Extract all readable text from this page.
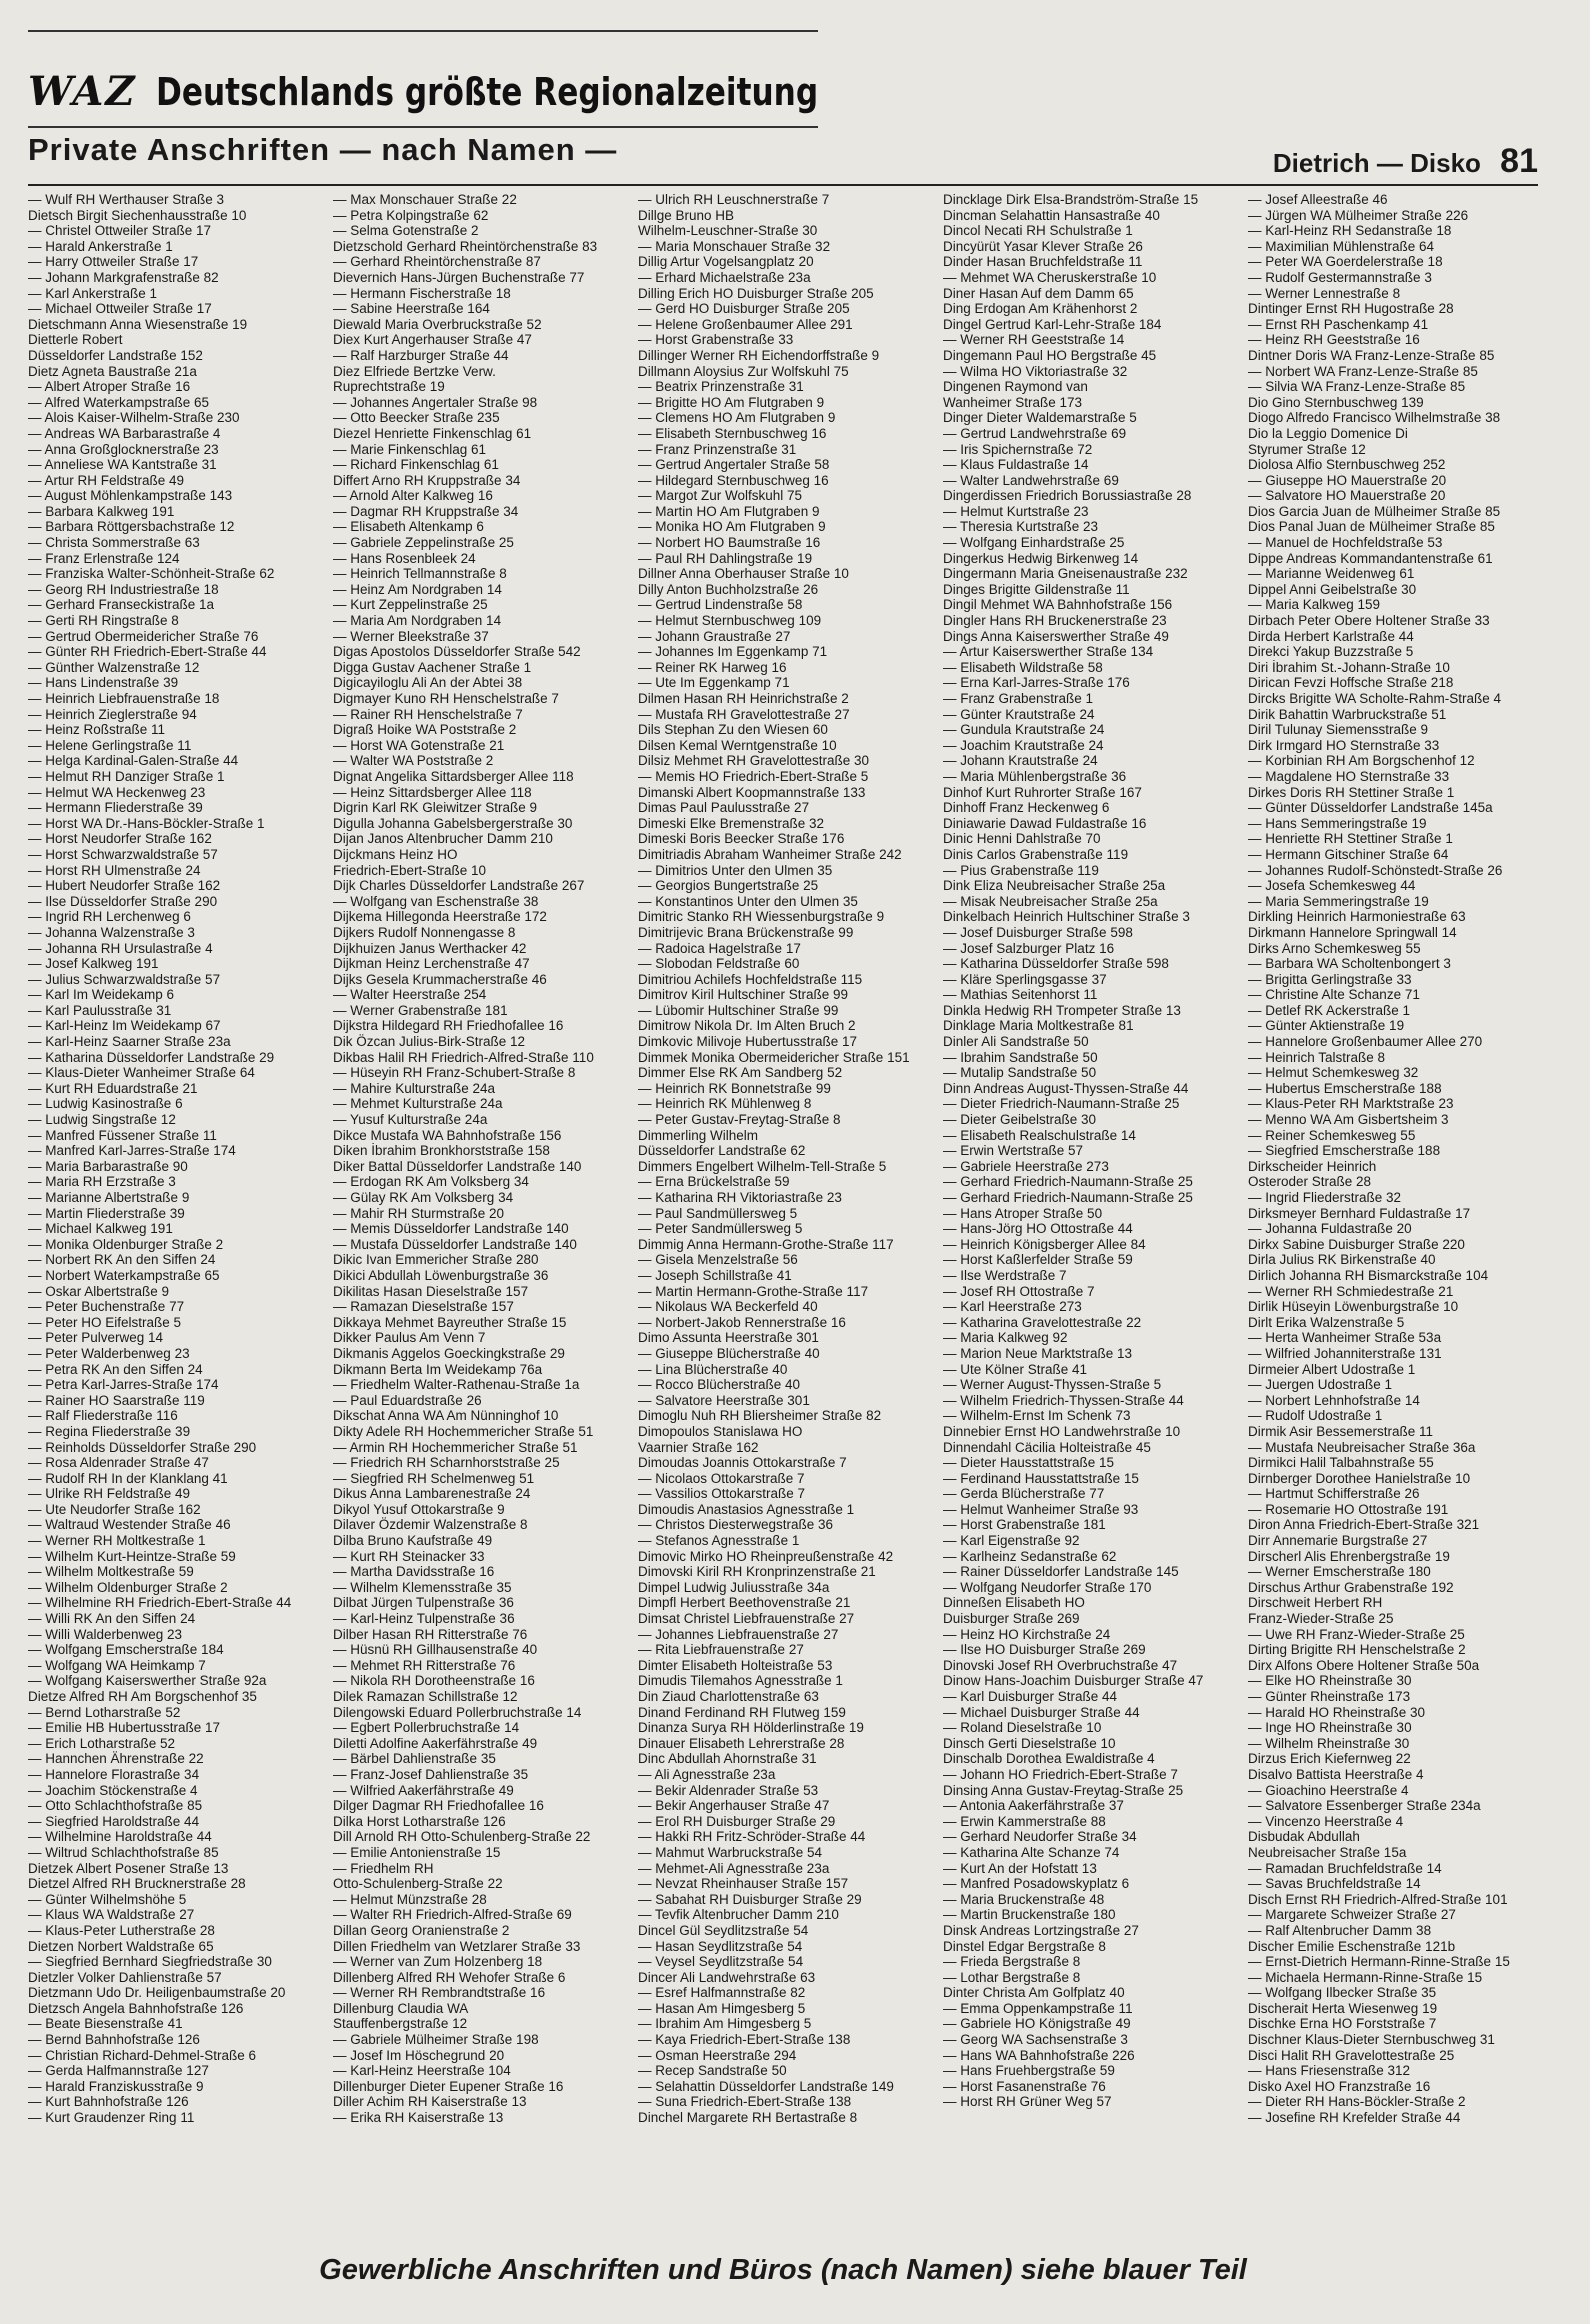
WAZ Deutschlands größte Regionalzeitung
Private Anschriften — nach Namen —	Dietrich — Disko 81
— Wulf RH Werthauser Straße 3
Dietsch Birgit Siechenhausstraße 10
— Christel Ottweiler Straße 17
— Harald Ankerstraße 1
— Harry Ottweiler Straße 17
— Johann Markgrafenstraße 82
— Karl Ankerstraße 1
— Michael Ottweiler Straße 17
Dietschmann Anna Wiesenstraße 19
Dietterle Robert
Düsseldorfer Landstraße 152
Dietz Agneta Baustraße 21a
— Albert Atroper Straße 16
— Alfred Waterkampstraße 65
— Alois Kaiser-Wilhelm-Straße 230
— Andreas WA Barbarastraße 4
— Anna Großglocknerstraße 23
— Anneliese WA Kantstraße 31
— Artur RH Feldstraße 49
— August Möhlenkampstraße 143
— Barbara Kalkweg 191
— Barbara Röttgersbachstraße 12
— Christa Sommerstraße 63
— Franz Erlenstraße 124
— Franziska Walter-Schönheit-Straße 62
— Georg RH Industriestraße 18
— Gerhard Franseckistraße 1a
— Gerti RH Ringstraße 8
— Gertrud Obermeidericher Straße 76
— Günter RH Friedrich-Ebert-Straße 44
— Günther Walzenstraße 12
— Hans Lindenstraße 39
— Heinrich Liebfrauenstraße 18
— Heinrich Zieglerstraße 94
— Heinz Roßstraße 11
— Helene Gerlingstraße 11
— Helga Kardinal-Galen-Straße 44
— Helmut RH Danziger Straße 1
— Helmut WA Heckenweg 23
— Hermann Fliederstraße 39
— Horst WA Dr.-Hans-Böckler-Straße 1
— Horst Neudorfer Straße 162
— Horst Schwarzwaldstraße 57
— Horst RH Ulmenstraße 24
— Hubert Neudorfer Straße 162
— Ilse Düsseldorfer Straße 290
— Ingrid RH Lerchenweg 6
— Johanna Walzenstraße 3
— Johanna RH Ursulastraße 4
— Josef Kalkweg 191
— Julius Schwarzwaldstraße 57
— Karl Im Weidekamp 6
— Karl Paulusstraße 31
— Karl-Heinz Im Weidekamp 67
— Karl-Heinz Saarner Straße 23a
— Katharina Düsseldorfer Landstraße 29
— Klaus-Dieter Wanheimer Straße 64
— Kurt RH Eduardstraße 21
— Ludwig Kasinostraße 6
— Ludwig Singstraße 12
— Manfred Füssener Straße 11
— Manfred Karl-Jarres-Straße 174
— Maria Barbarastraße 90
— Maria RH Erzstraße 3
— Marianne Albertstraße 9
— Martin Fliederstraße 39
— Michael Kalkweg 191
— Monika Oldenburger Straße 2
— Norbert RK An den Siffen 24
— Norbert Waterkampstraße 65
— Oskar Albertstraße 9
— Peter Buchenstraße 77
— Peter HO Eifelstraße 5
— Peter Pulverweg 14
— Peter Walderbenweg 23
— Petra RK An den Siffen 24
— Petra Karl-Jarres-Straße 174
— Rainer HO Saarstraße 119
— Ralf Fliederstraße 116
— Regina Fliederstraße 39
— Reinholds Düsseldorfer Straße 290
— Rosa Aldenrader Straße 47
— Rudolf RH In der Klanklang 41
— Ulrike RH Feldstraße 49
— Ute Neudorfer Straße 162
— Waltraud Westender Straße 46
— Werner RH Moltkestraße 1
— Wilhelm Kurt-Heintze-Straße 59
— Wilhelm Moltkestraße 59
— Wilhelm Oldenburger Straße 2
— Wilhelmine RH Friedrich-Ebert-Straße 44
— Willi RK An den Siffen 24
— Willi Walderbenweg 23
— Wolfgang Emscherstraße 184
— Wolfgang WA Heimkamp 7
— Wolfgang Kaiserswerther Straße 92a
Dietze Alfred RH Am Borgschenhof 35
— Bernd Lotharstraße 52
— Emilie HB Hubertusstraße 17
— Erich Lotharstraße 52
— Hannchen Ährenstraße 22
— Hannelore Florastraße 34
— Joachim Stöckenstraße 4
— Otto Schlachthofstraße 85
— Siegfried Haroldstraße 44
— Wilhelmine Haroldstraße 44
— Wiltrud Schlachthofstraße 85
Dietzek Albert Posener Straße 13
Dietzel Alfred RH Brucknerstraße 28
— Günter Wilhelmshöhe 5
— Klaus WA Waldstraße 27
— Klaus-Peter Lutherstraße 28
Dietzen Norbert Waldstraße 65
— Siegfried Bernhard Siegfriedstraße 30
Dietzler Volker Dahlienstraße 57
Dietzmann Udo Dr. Heiligenbaumstraße 20
Dietzsch Angela Bahnhofstraße 126
— Beate Biesenstraße 41
— Bernd Bahnhofstraße 126
— Christian Richard-Dehmel-Straße 6
— Gerda Halfmannstraße 127
— Harald Franziskusstraße 9
— Kurt Bahnhofstraße 126
— Kurt Graudenzer Ring 11
— Max Monschauer Straße 22
— Petra Kolpingstraße 62
— Selma Gotenstraße 2
Dietzschold Gerhard Rheintörchenstraße 83
— Gerhard Rheintörchenstraße 87
Dievernich Hans-Jürgen Buchenstraße 77
— Hermann Fischerstraße 18
— Sabine Heerstraße 164
Diewald Maria Overbruckstraße 52
Diex Kurt Angerhauser Straße 47
— Ralf Harzburger Straße 44
Diez Elfriede Bertzke Verw.
Ruprechtstraße 19
— Johannes Angertaler Straße 98
— Otto Beecker Straße 235
Diezel Henriette Finkenschlag 61
— Marie Finkenschlag 61
— Richard Finkenschlag 61
Differt Arno RH Kruppstraße 34
— Arnold Alter Kalkweg 16
— Dagmar RH Kruppstraße 34
— Elisabeth Altenkamp 6
— Gabriele Zeppelinstraße 25
— Hans Rosenbleek 24
— Heinrich Tellmannstraße 8
— Heinz Am Nordgraben 14
— Kurt Zeppelinstraße 25
— Maria Am Nordgraben 14
— Werner Bleekstraße 37
Digas Apostolos Düsseldorfer Straße 542
Digga Gustav Aachener Straße 1
Digicayiloglu Ali An der Abtei 38
Digmayer Kuno RH Henschelstraße 7
— Rainer RH Henschelstraße 7
Digraß Hoike WA Poststraße 2
— Horst WA Gotenstraße 21
— Walter WA Poststraße 2
Dignat Angelika Sittardsberger Allee 118
— Heinz Sittardsberger Allee 118
Digrin Karl RK Gleiwitzer Straße 9
Digulla Johanna Gabelsbergerstraße 30
Dijan Janos Altenbrucher Damm 210
Dijckmans Heinz HO
Friedrich-Ebert-Straße 10
Dijk Charles Düsseldorfer Landstraße 267
— Wolfgang van Eschenstraße 38
Dijkema Hillegonda Heerstraße 172
Dijkers Rudolf Nonnengasse 8
Dijkhuizen Janus Werthacker 42
Dijkman Heinz Lerchenstraße 47
Dijks Gesela Krummacherstraße 46
— Walter Heerstraße 254
— Werner Grabenstraße 181
Dijkstra Hildegard RH Friedhofallee 16
Dik Özcan Julius-Birk-Straße 12
Dikbas Halil RH Friedrich-Alfred-Straße 110
— Hüseyin RH Franz-Schubert-Straße 8
— Mahire Kulturstraße 24a
— Mehmet Kulturstraße 24a
— Yusuf Kulturstraße 24a
Dikce Mustafa WA Bahnhofstraße 156
Diken İbrahim Bronkhorststraße 158
Diker Battal Düsseldorfer Landstraße 140
— Erdogan RK Am Volksberg 34
— Gülay RK Am Volksberg 34
— Mahir RH Sturmstraße 20
— Memis Düsseldorfer Landstraße 140
— Mustafa Düsseldorfer Landstraße 140
Dikic Ivan Emmericher Straße 280
Dikici Abdullah Löwenburgstraße 36
Dikilitas Hasan Dieselstraße 157
— Ramazan Dieselstraße 157
Dikkaya Mehmet Bayreuther Straße 15
Dikker Paulus Am Venn 7
Dikmanis Aggelos Goeckingkstraße 29
Dikmann Berta Im Weidekamp 76a
— Friedhelm Walter-Rathenau-Straße 1a
— Paul Eduardstraße 26
Dikschat Anna WA Am Nünninghof 10
Dikty Adele RH Hochemmericher Straße 51
— Armin RH Hochemmericher Straße 51
— Friedrich RH Scharnhorststraße 25
— Siegfried RH Schelmenweg 51
Dikus Anna Lambarenestraße 24
Dikyol Yusuf Ottokarstraße 9
Dilaver Özdemir Walzenstraße 8
Dilba Bruno Kaufstraße 49
— Kurt RH Steinacker 33
— Martha Davidsstraße 16
— Wilhelm Klemensstraße 35
Dilbat Jürgen Tulpenstraße 36
— Karl-Heinz Tulpenstraße 36
Dilber Hasan RH Ritterstraße 76
— Hüsnü RH Gillhausenstraße 40
— Mehmet RH Ritterstraße 76
— Nikola RH Dorotheenstraße 16
Dilek Ramazan Schillstraße 12
Dilengowski Eduard Pollerbruchstraße 14
— Egbert Pollerbruchstraße 14
Diletti Adolfine Aakerfährstraße 49
— Bärbel Dahlienstraße 35
— Franz-Josef Dahlienstraße 35
— Wilfried Aakerfährstraße 49
Dilger Dagmar RH Friedhofallee 16
Dilka Horst Lotharstraße 126
Dill Arnold RH Otto-Schulenberg-Straße 22
— Emilie Antonienstraße 15
— Friedhelm RH
Otto-Schulenberg-Straße 22
— Helmut Münzstraße 28
— Walter RH Friedrich-Alfred-Straße 69
Dillan Georg Oranienstraße 2
Dillen Friedhelm van Wetzlarer Straße 33
— Werner van Zum Holzenberg 18
Dillenberg Alfred RH Wehofer Straße 6
— Werner RH Rembrandtstraße 16
Dillenburg Claudia WA
Stauffenbergstraße 12
— Gabriele Mülheimer Straße 198
— Josef Im Höschegrund 20
— Karl-Heinz Heerstraße 104
Dillenburger Dieter Eupener Straße 16
Diller Achim RH Kaiserstraße 13
— Erika RH Kaiserstraße 13
— Ulrich RH Leuschnerstraße 7
Dillge Bruno HB
Wilhelm-Leuschner-Straße 30
— Maria Monschauer Straße 32
Dillig Artur Vogelsangplatz 20
— Erhard Michaelstraße 23a
Dilling Erich HO Duisburger Straße 205
— Gerd HO Duisburger Straße 205
— Helene Großenbaumer Allee 291
— Horst Grabenstraße 33
Dillinger Werner RH Eichendorffstraße 9
Dillmann Aloysius Zur Wolfskuhl 75
— Beatrix Prinzenstraße 31
— Brigitte HO Am Flutgraben 9
— Clemens HO Am Flutgraben 9
— Elisabeth Sternbuschweg 16
— Franz Prinzenstraße 31
— Gertrud Angertaler Straße 58
— Hildegard Sternbuschweg 16
— Margot Zur Wolfskuhl 75
— Martin HO Am Flutgraben 9
— Monika HO Am Flutgraben 9
— Norbert HO Baumstraße 16
— Paul RH Dahlingstraße 19
Dillner Anna Oberhauser Straße 10
Dilly Anton Buchholzstraße 26
— Gertrud Lindenstraße 58
— Helmut Sternbuschweg 109
— Johann Graustraße 27
— Johannes Im Eggenkamp 71
— Reiner RK Harweg 16
— Ute Im Eggenkamp 71
Dilmen Hasan RH Heinrichstraße 2
— Mustafa RH Gravelottestraße 27
Dils Stephan Zu den Wiesen 60
Dilsen Kemal Werntgenstraße 10
Dilsiz Mehmet RH Gravelottestraße 30
— Memis HO Friedrich-Ebert-Straße 5
Dimanski Albert Koopmannstraße 133
Dimas Paul Paulusstraße 27
Dimeski Elke Bremenstraße 32
Dimeski Boris Beecker Straße 176
Dimitriadis Abraham Wanheimer Straße 242
— Dimitrios Unter den Ulmen 35
— Georgios Bungertstraße 25
— Konstantinos Unter den Ulmen 35
Dimitric Stanko RH Wiessenburgstraße 9
Dimitrijevic Brana Brückenstraße 99
— Radoica Hagelstraße 17
— Slobodan Feldstraße 60
Dimitriou Achilefs Hochfeldstraße 115
Dimitrov Kiril Hultschiner Straße 99
— Lübomir Hultschiner Straße 99
Dimitrow Nikola Dr. Im Alten Bruch 2
Dimkovic Milivoje Hubertusstraße 17
Dimmek Monika Obermeidericher Straße 151
Dimmer Else RK Am Sandberg 52
— Heinrich RK Bonnetstraße 99
— Heinrich RK Mühlenweg 8
— Peter Gustav-Freytag-Straße 8
Dimmerling Wilhelm
Düsseldorfer Landstraße 62
Dimmers Engelbert Wilhelm-Tell-Straße 5
— Erna Brückelstraße 59
— Katharina RH Viktoriastraße 23
— Paul Sandmüllersweg 5
— Peter Sandmüllersweg 5
Dimmig Anna Hermann-Grothe-Straße 117
— Gisela Menzelstraße 56
— Joseph Schillstraße 41
— Martin Hermann-Grothe-Straße 117
— Nikolaus WA Beckerfeld 40
— Norbert-Jakob Rennerstraße 16
Dimo Assunta Heerstraße 301
— Giuseppe Blücherstraße 40
— Lina Blücherstraße 40
— Rocco Blücherstraße 40
— Salvatore Heerstraße 301
Dimoglu Nuh RH Bliersheimer Straße 82
Dimopoulos Stanislawa HO
Vaarnier Straße 162
Dimoudas Joannis Ottokarstraße 7
— Nicolaos Ottokarstraße 7
— Vassilios Ottokarstraße 7
Dimoudis Anastasios Agnesstraße 1
— Christos Diesterwegstraße 36
— Stefanos Agnesstraße 1
Dimovic Mirko HO Rheinpreußenstraße 42
Dimovski Kiril RH Kronprinzenstraße 21
Dimpel Ludwig Juliusstraße 34a
Dimpfl Herbert Beethovenstraße 21
Dimsat Christel Liebfrauenstraße 27
— Johannes Liebfrauenstraße 27
— Rita Liebfrauenstraße 27
Dimter Elisabeth Holteistraße 53
Dimudis Tilemahos Agnesstraße 1
Din Ziaud Charlottenstraße 63
Dinand Ferdinand RH Flutweg 159
Dinanza Surya RH Hölderlinstraße 19
Dinauer Elisabeth Lehrerstraße 28
Dinc Abdullah Ahornstraße 31
— Ali Agnesstraße 23a
— Bekir Aldenrader Straße 53
— Bekir Angerhauser Straße 47
— Erol RH Duisburger Straße 29
— Hakki RH Fritz-Schröder-Straße 44
— Mahmut Warbruckstraße 54
— Mehmet-Ali Agnesstraße 23a
— Nevzat Rheinhauser Straße 157
— Sabahat RH Duisburger Straße 29
— Tevfik Altenbrucher Damm 210
Dincel Gül Seydlitzstraße 54
— Hasan Seydlitzstraße 54
— Veysel Seydlitzstraße 54
Dincer Ali Landwehrstraße 63
— Esref Halfmannstraße 82
— Hasan Am Himgesberg 5
— Ibrahim Am Himgesberg 5
— Kaya Friedrich-Ebert-Straße 138
— Osman Heerstraße 294
— Recep Sandstraße 50
— Selahattin Düsseldorfer Landstraße 149
— Suna Friedrich-Ebert-Straße 138
Dinchel Margarete RH Bertastraße 8
Dincklage Dirk Elsa-Brandström-Straße 15
Dincman Selahattin Hansastraße 40
Dincol Necati RH Schulstraße 1
Dincyürüt Yasar Klever Straße 26
Dinder Hasan Bruchfeldstraße 11
— Mehmet WA Cheruskerstraße 10
Diner Hasan Auf dem Damm 65
Ding Erdogan Am Krähenhorst 2
Dingel Gertrud Karl-Lehr-Straße 184
— Werner RH Geeststraße 14
Dingemann Paul HO Bergstraße 45
— Wilma HO Viktoriastraße 32
Dingenen Raymond van
Wanheimer Straße 173
Dinger Dieter Waldemarstraße 5
— Gertrud Landwehrstraße 69
— Iris Spichernstraße 72
— Klaus Fuldastraße 14
— Walter Landwehrstraße 69
Dingerdissen Friedrich Borussiastraße 28
— Helmut Kurtstraße 23
— Theresia Kurtstraße 23
— Wolfgang Einhardstraße 25
Dingerkus Hedwig Birkenweg 14
Dingermann Maria Gneisenaustraße 232
Dinges Brigitte Gildenstraße 11
Dingil Mehmet WA Bahnhofstraße 156
Dingler Hans RH Bruckenerstraße 23
Dings Anna Kaiserswerther Straße 49
— Artur Kaiserswerther Straße 134
— Elisabeth Wildstraße 58
— Erna Karl-Jarres-Straße 176
— Franz Grabenstraße 1
— Günter Krautstraße 24
— Gundula Krautstraße 24
— Joachim Krautstraße 24
— Johann Krautstraße 24
— Maria Mühlenbergstraße 36
Dinhof Kurt Ruhrorter Straße 167
Dinhoff Franz Heckenweg 6
Diniawarie Dawad Fuldastraße 16
Dinic Henni Dahlstraße 70
Dinis Carlos Grabenstraße 119
— Pius Grabenstraße 119
Dink Eliza Neubreisacher Straße 25a
— Misak Neubreisacher Straße 25a
Dinkelbach Heinrich Hultschiner Straße 3
— Josef Duisburger Straße 598
— Josef Salzburger Platz 16
— Katharina Düsseldorfer Straße 598
— Kläre Sperlingsgasse 37
— Mathias Seitenhorst 11
Dinkla Hedwig RH Trompeter Straße 13
Dinklage Maria Moltkestraße 81
Dinler Ali Sandstraße 50
— Ibrahim Sandstraße 50
— Mutalip Sandstraße 50
Dinn Andreas August-Thyssen-Straße 44
— Dieter Friedrich-Naumann-Straße 25
— Dieter Geibelstraße 30
— Elisabeth Realschulstraße 14
— Erwin Wertstraße 57
— Gabriele Heerstraße 273
— Gerhard Friedrich-Naumann-Straße 25
— Gerhard Friedrich-Naumann-Straße 25
— Hans Atroper Straße 50
— Hans-Jörg HO Ottostraße 44
— Heinrich Königsberger Allee 84
— Horst Kaßlerfelder Straße 59
— Ilse Werdstraße 7
— Josef RH Ottostraße 7
— Karl Heerstraße 273
— Katharina Gravelottestraße 22
— Maria Kalkweg 92
— Marion Neue Marktstraße 13
— Ute Kölner Straße 41
— Werner August-Thyssen-Straße 5
— Wilhelm Friedrich-Thyssen-Straße 44
— Wilhelm-Ernst Im Schenk 73
Dinnebier Ernst HO Landwehrstraße 10
Dinnendahl Cäcilia Holteistraße 45
— Dieter Hausstattstraße 15
— Ferdinand Hausstattstraße 15
— Gerda Blücherstraße 77
— Helmut Wanheimer Straße 93
— Horst Grabenstraße 181
— Karl Eigenstraße 92
— Karlheinz Sedanstraße 62
— Rainer Düsseldorfer Landstraße 145
— Wolfgang Neudorfer Straße 170
Dinneßen Elisabeth HO
Duisburger Straße 269
— Heinz HO Kirchstraße 24
— Ilse HO Duisburger Straße 269
Dinovski Josef RH Overbruchstraße 47
Dinow Hans-Joachim Duisburger Straße 47
— Karl Duisburger Straße 44
— Michael Duisburger Straße 44
— Roland Dieselstraße 10
Dinsch Gerti Dieselstraße 10
Dinschalb Dorothea Ewaldistraße 4
— Johann HO Friedrich-Ebert-Straße 7
Dinsing Anna Gustav-Freytag-Straße 25
— Antonia Aakerfährstraße 37
— Erwin Kammerstraße 88
— Gerhard Neudorfer Straße 34
— Katharina Alte Schanze 74
— Kurt An der Hofstatt 13
— Manfred Posadowskyplatz 6
— Maria Bruckenstraße 48
— Martin Bruckenstraße 180
Dinsk Andreas Lortzingstraße 27
Dinstel Edgar Bergstraße 8
— Frieda Bergstraße 8
— Lothar Bergstraße 8
Dinter Christa Am Golfplatz 40
— Emma Oppenkampstraße 11
— Gabriele HO Königstraße 49
— Georg WA Sachsenstraße 3
— Hans WA Bahnhofstraße 226
— Hans Fruehbergstraße 59
— Horst Fasanenstraße 76
— Horst RH Grüner Weg 57
— Josef Alleestraße 46
— Jürgen WA Mülheimer Straße 226
— Karl-Heinz RH Sedanstraße 18
— Maximilian Mühlenstraße 64
— Peter WA Goerdelerstraße 18
— Rudolf Gestermannstraße 3
— Werner Lennestraße 8
Dintinger Ernst RH Hugostraße 28
— Ernst RH Paschenkamp 41
— Heinz RH Geeststraße 16
Dintner Doris WA Franz-Lenze-Straße 85
— Norbert WA Franz-Lenze-Straße 85
— Silvia WA Franz-Lenze-Straße 85
Dio Gino Sternbuschweg 139
Diogo Alfredo Francisco Wilhelmstraße 38
Dio la Leggio Domenice Di
Styrumer Straße 12
Diolosa Alfio Sternbuschweg 252
— Giuseppe HO Mauerstraße 20
— Salvatore HO Mauerstraße 20
Dios Garcia Juan de Mülheimer Straße 85
Dios Panal Juan de Mülheimer Straße 85
— Manuel de Hochfeldstraße 53
Dippe Andreas Kommandantenstraße 61
— Marianne Weidenweg 61
Dippel Anni Geibelstraße 30
— Maria Kalkweg 159
Dirbach Peter Obere Holtener Straße 33
Dirda Herbert Karlstraße 44
Direkci Yakup Buzzstraße 5
Diri İbrahim St.-Johann-Straße 10
Dirican Fevzi Hoffsche Straße 218
Dircks Brigitte WA Scholte-Rahm-Straße 4
Dirik Bahattin Warbruckstraße 51
Diril Tulunay Siemensstraße 9
Dirk Irmgard HO Sternstraße 33
— Korbinian RH Am Borgschenhof 12
— Magdalene HO Sternstraße 33
Dirkes Doris RH Stettiner Straße 1
— Günter Düsseldorfer Landstraße 145a
— Hans Semmeringstraße 19
— Henriette RH Stettiner Straße 1
— Hermann Gitschiner Straße 64
— Johannes Rudolf-Schönstedt-Straße 26
— Josefa Schemkesweg 44
— Maria Semmeringstraße 19
Dirkling Heinrich Harmoniestraße 63
Dirkmann Hannelore Springwall 14
Dirks Arno Schemkesweg 55
— Barbara WA Scholtenbongert 3
— Brigitta Gerlingstraße 33
— Christine Alte Schanze 71
— Detlef RK Ackerstraße 1
— Günter Aktienstraße 19
— Hannelore Großenbaumer Allee 270
— Heinrich Talstraße 8
— Helmut Schemkesweg 32
— Hubertus Emscherstraße 188
— Klaus-Peter RH Marktstraße 23
— Menno WA Am Gisbertsheim 3
— Reiner Schemkesweg 55
— Siegfried Emscherstraße 188
Dirkscheider Heinrich
Osteroder Straße 28
— Ingrid Fliederstraße 32
Dirksmeyer Bernhard Fuldastraße 17
— Johanna Fuldastraße 20
Dirkx Sabine Duisburger Straße 220
Dirla Julius RK Birkenstraße 40
Dirlich Johanna RH Bismarckstraße 104
— Werner RH Schmiedestraße 21
Dirlik Hüseyin Löwenburgstraße 10
Dirlt Erika Walzenstraße 5
— Herta Wanheimer Straße 53a
— Wilfried Johanniterstraße 131
Dirmeier Albert Udostraße 1
— Juergen Udostraße 1
— Norbert Lehnhofstraße 14
— Rudolf Udostraße 1
Dirmik Asir Bessemerstraße 11
— Mustafa Neubreisacher Straße 36a
Dirmikci Halil Talbahnstraße 55
Dirnberger Dorothee Hanielstraße 10
— Hartmut Schifferstraße 26
— Rosemarie HO Ottostraße 191
Diron Anna Friedrich-Ebert-Straße 321
Dirr Annemarie Burgstraße 27
Dirscherl Alis Ehrenbergstraße 19
— Werner Emscherstraße 180
Dirschus Arthur Grabenstraße 192
Dirschweit Herbert RH
Franz-Wieder-Straße 25
— Uwe RH Franz-Wieder-Straße 25
Dirting Brigitte RH Henschelstraße 2
Dirx Alfons Obere Holtener Straße 50a
— Elke HO Rheinstraße 30
— Günter Rheinstraße 173
— Harald HO Rheinstraße 30
— Inge HO Rheinstraße 30
— Wilhelm Rheinstraße 30
Dirzus Erich Kiefernweg 22
Disalvo Battista Heerstraße 4
— Gioachino Heerstraße 4
— Salvatore Essenberger Straße 234a
— Vincenzo Heerstraße 4
Disbudak Abdullah
Neubreisacher Straße 15a
— Ramadan Bruchfeldstraße 14
— Savas Bruchfeldstraße 14
Disch Ernst RH Friedrich-Alfred-Straße 101
— Margarete Schweizer Straße 27
— Ralf Altenbrucher Damm 38
Discher Emilie Eschenstraße 121b
— Ernst-Dietrich Hermann-Rinne-Straße 15
— Michaela Hermann-Rinne-Straße 15
— Wolfgang Ilbecker Straße 35
Discherait Herta Wiesenweg 19
Dischke Erna HO Forststraße 7
Dischner Klaus-Dieter Sternbuschweg 31
Disci Halit RH Gravelottestraße 25
— Hans Friesenstraße 312
Disko Axel HO Franzstraße 16
— Dieter RH Hans-Böckler-Straße 2
— Josefine RH Krefelder Straße 44
Gewerbliche Anschriften und Büros (nach Namen) siehe blauer Teil
